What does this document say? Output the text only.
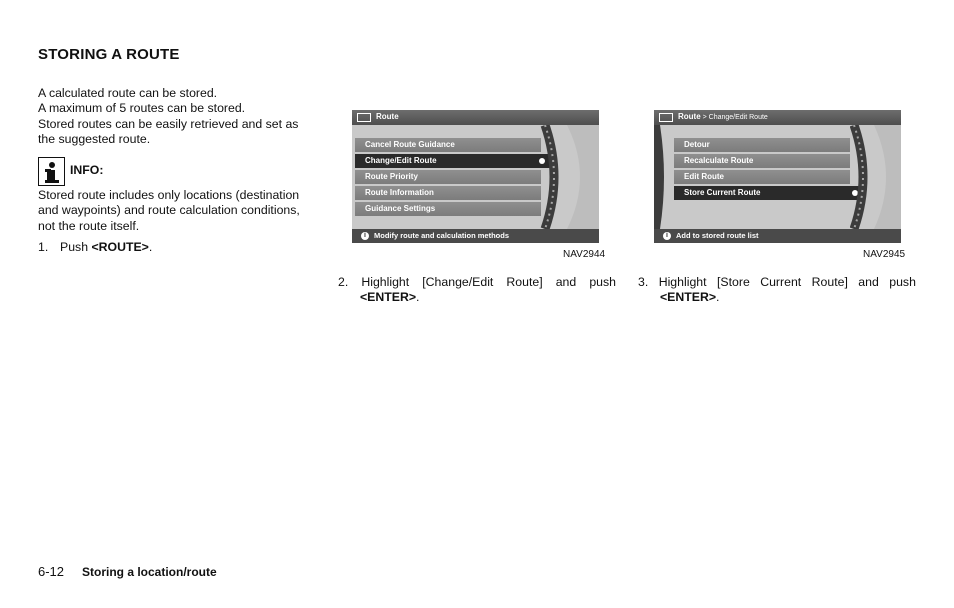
STORING A ROUTE
A calculated route can be stored.
A maximum of 5 routes can be stored.
Stored routes can be easily retrieved and set as the suggested route.

INFO:

Stored route includes only locations (destination and waypoints) and route calculation conditions, not the route itself.

1. Push <ROUTE>.

Route
Cancel Route Guidance
Change/Edit Route
Route Priority
Route Information
Guidance Settings
i	Modify route and calculation methods

NAV2944

2. Highlight [Change/Edit Route] and push
<ENTER>.

Route > Change/Edit Route
Detour
Recalculate Route
Edit Route
Store Current Route
i	Add to stored route list

NAV2945

3. Highlight [Store Current Route] and push
<ENTER>.

6-12 Storing a location/route
